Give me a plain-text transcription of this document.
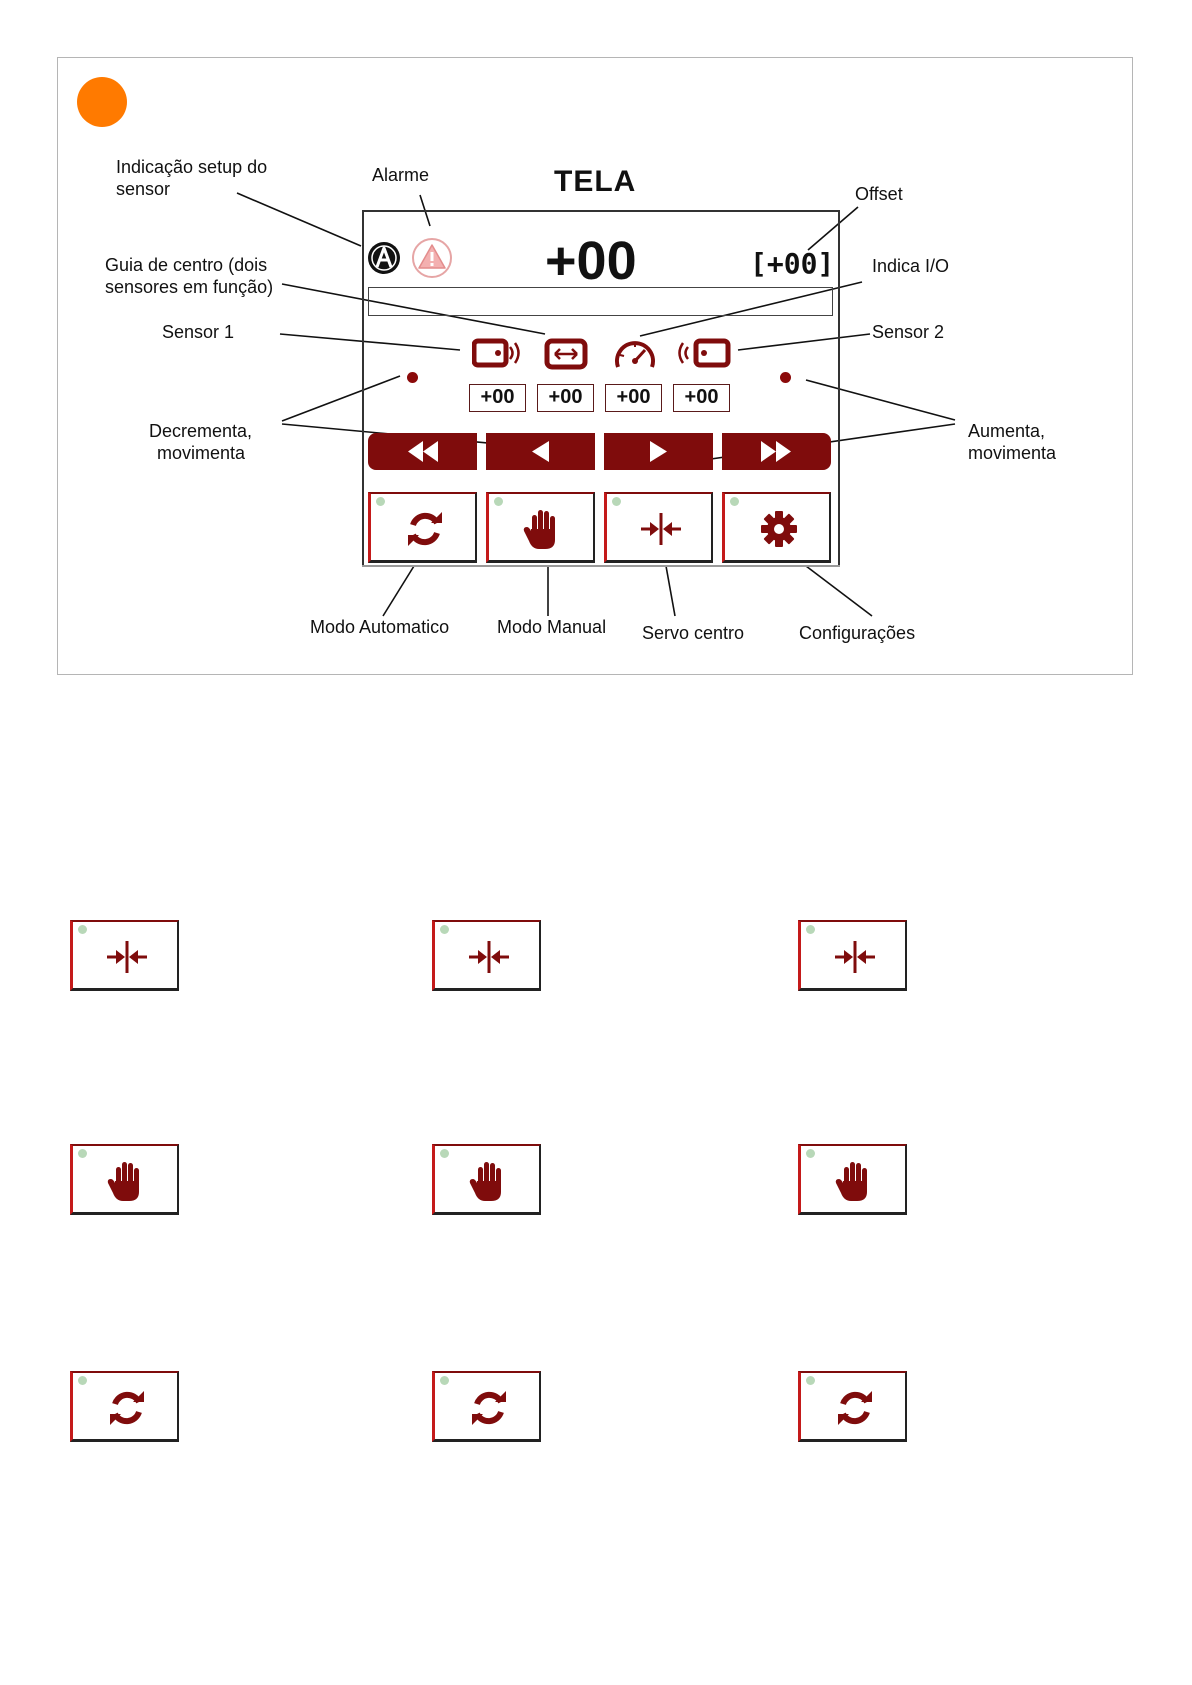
Indicação setup do
sensor
Alarme
Offset
Guia de centro (dois
sensores em função)
Indica I/O
Sensor 1	Sensor 2
Decrementa,
movimenta
Aumenta,
movimenta
Modo Automatico	Modo Manual Servo centro	Configurações
TELA
+00	[+00]
+00	+00	+00	+00
